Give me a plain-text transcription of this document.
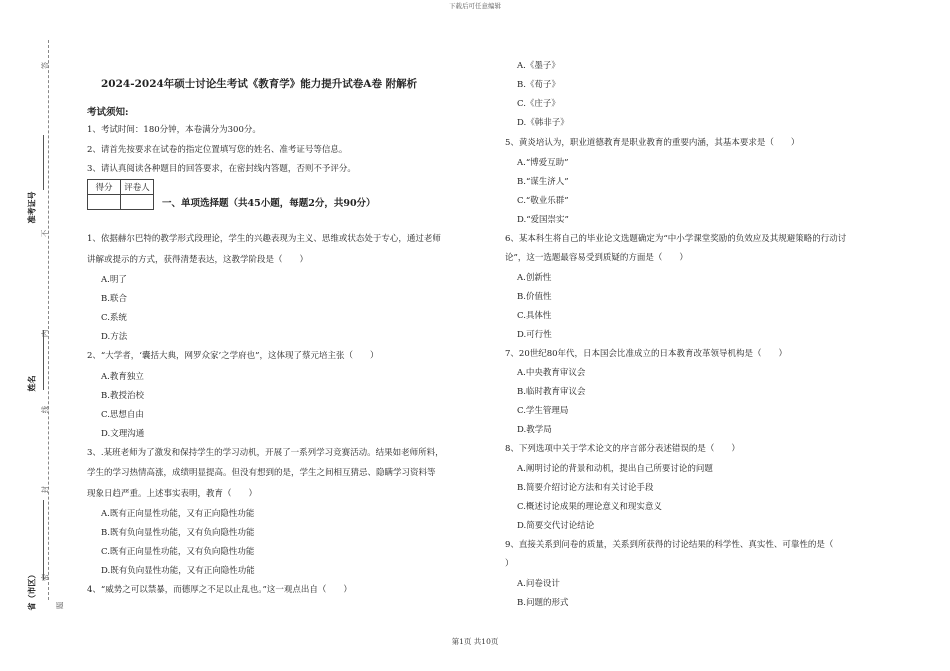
下载后可任意编辑
准考证号
姓名
省（市区）
答
不
内
线
封
密
题
2024-2024年硕士讨论生考试《教育学》能力提升试卷A卷 附解析
考试须知:
1、考试时间：180分钟，本卷满分为300分。
2、请首先按要求在试卷的指定位置填写您的姓名、准考证号等信息。
3、请认真阅读各种题目的回答要求，在密封线内答题，否则不予评分。
得分	评卷人

一、单项选择题（共45小题，每题2分，共90分）
1、依据赫尔巴特的教学形式段理论，学生的兴趣表现为主义、思维或状态处于专心，通过老师
讲解或提示的方式，获得清楚表达，这教学阶段是（　　）
A.明了
B.联合
C.系统
D.方法
2、“大学者，‘囊括大典，网罗众家’之学府也”，这体现了蔡元培主张（　　）
A.教育独立
B.教授治校
C.思想自由
D.文理沟通
3、.某班老师为了激发和保持学生的学习动机，开展了一系列学习竞赛活动。结果如老师所料，
学生的学习热情高涨，成绩明显提高。但没有想到的是，学生之间相互猜忌、隐瞒学习资料等
现象日趋严重。上述事实表明，教育（　　）
A.既有正向显性功能，又有正向隐性功能
B.既有负向显性功能，又有负向隐性功能
C.既有正向显性功能，又有负向隐性功能
D.既有负向显性功能，又有正向隐性功能
4、“威势之可以禁暴，而德厚之不足以止乱也。”这一观点出自（　　）
5、黄炎培认为，职业道德教育是职业教育的重要内涵，其基本要求是（　　）
A.“博爱互助”
B.“谋生济人”
C.“敬业乐群”
D.“爱国崇实”
6、某本科生将自己的毕业论文选题确定为“中小学课堂奖励的负效应及其规避策略的行动讨
论”，这一选题最容易受到质疑的方面是（　　）
A.创新性
B.价值性
C.具体性
D.可行性
7、20世纪80年代，日本国会比准成立的日本教育改革领导机构是（　　）
A.中央教育审议会
B.临时教育审议会
C.学生管理局
D.教学局
8、下列选项中关于学术论文的序言部分表述错误的是（　　）
A.阐明讨论的背景和动机，提出自己所要讨论的问题
B.简要介绍讨论方法和有关讨论手段
C.概述讨论成果的理论意义和现实意义
D.简要交代讨论结论
9、直接关系到问卷的质量，关系到所获得的讨论结果的科学性、真实性、可靠性的是（
）
A.问卷设计
B.问题的形式
A.《墨子》
B.《荀子》
C.《庄子》
D.《韩非子》
第1页 共10页
